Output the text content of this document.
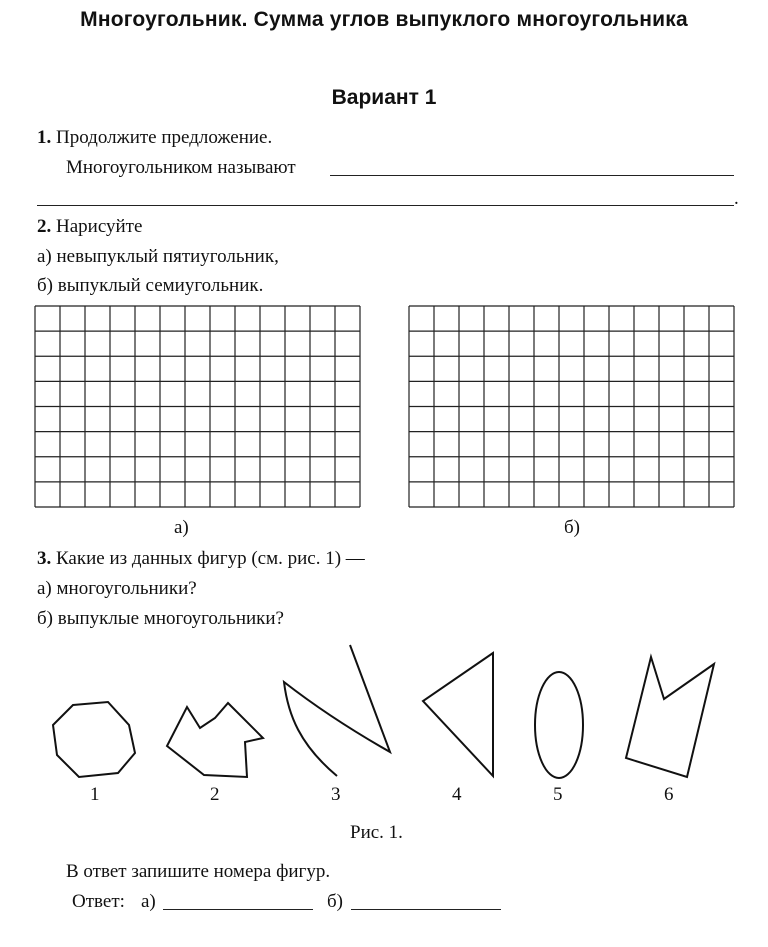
Многоугольник. Сумма углов выпуклого многоугольника
Вариант 1
1. Продолжите предложение.
Многоугольником называют
.
2. Нарисуйте
а) невыпуклый пятиугольник,
б) выпуклый семиугольник.
а)	б)
3. Какие из данных фигур (см. рис. 1) —
а) многоугольники?
б) выпуклые многоугольники?
1	2	3	4	5	6
Рис. 1.
В ответ запишите номера фигур.
Ответ: а)	б)
